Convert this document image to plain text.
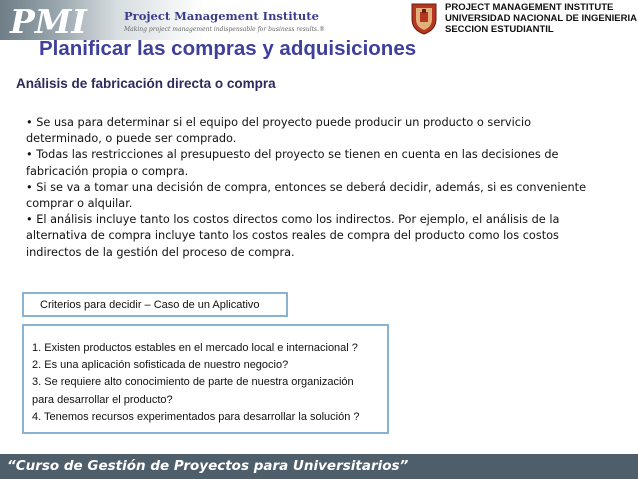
PMI	Project Management Institute
Making project management indispensable for business results.®
PROJECT MANAGEMENT INSTITUTE
UNIVERSIDAD NACIONAL DE INGENIERIA
SECCION ESTUDIANTIL
Planificar las compras y adquisiciones
Análisis de fabricación directa o compra
• Se usa para determinar si el equipo del proyecto puede producir un producto o servicio
determinado, o puede ser comprado.
• Todas las restricciones al presupuesto del proyecto se tienen en cuenta en las decisiones de
fabricación propia o compra.
• Si se va a tomar una decisión de compra, entonces se deberá decidir, además, si es conveniente
comprar o alquilar.
• El análisis incluye tanto los costos directos como los indirectos. Por ejemplo, el análisis de la
alternativa de compra incluye tanto los costos reales de compra del producto como los costos
indirectos de la gestión del proceso de compra.
Criterios para decidir – Caso de un Aplicativo
1. Existen productos estables en el mercado local e internacional ?
2. Es una aplicación sofisticada de nuestro negocio?
3. Se requiere alto conocimiento de parte de nuestra organización
para desarrollar el producto?
4. Tenemos recursos experimentados para desarrollar la solución ?
“Curso de Gestión de Proyectos para Universitarios”
